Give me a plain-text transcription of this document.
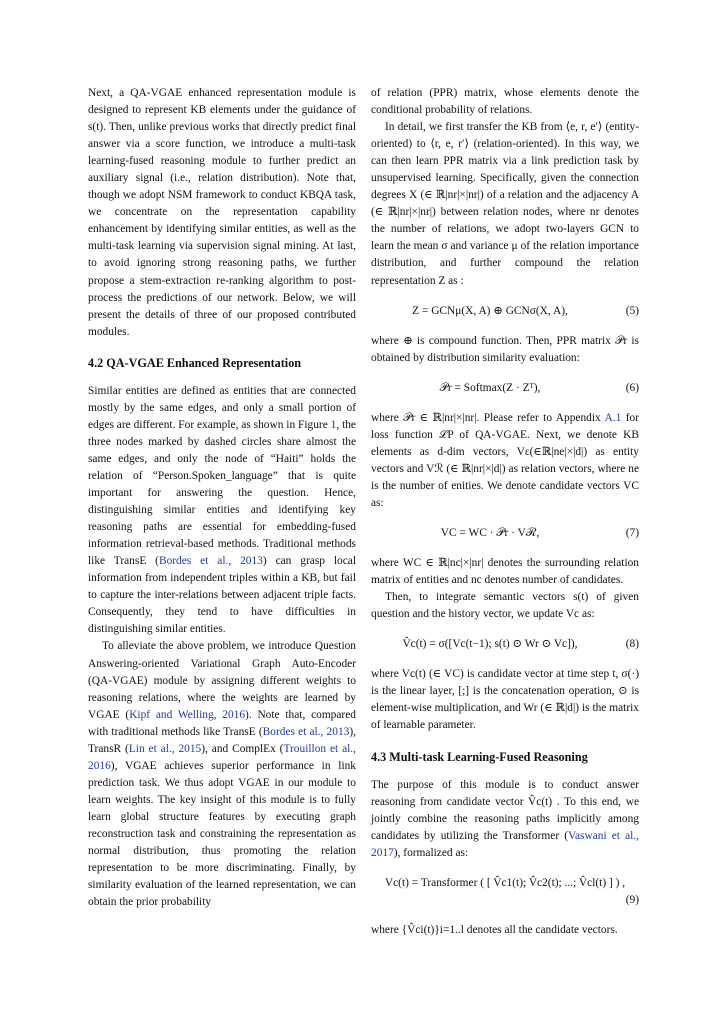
Next, a QA-VGAE enhanced representation module is designed to represent KB elements under the guidance of s(t). Then, unlike previous works that directly predict final answer via a score function, we introduce a multi-task learning-fused reasoning module to further predict an auxiliary signal (i.e., relation distribution). Note that, though we adopt NSM framework to conduct KBQA task, we concentrate on the representation capability enhancement by identifying similar entities, as well as the multi-task learning via supervision signal mining. At last, to avoid ignoring strong reasoning paths, we further propose a stem-extraction re-ranking algorithm to post-process the predictions of our network. Below, we will present the details of three of our proposed contributed modules.

4.2 QA-VGAE Enhanced Representation

Similar entities are defined as entities that are connected mostly by the same edges, and only a small portion of edges are different. For example, as shown in Figure 1, the three nodes marked by dashed circles share almost the same edges, and only the node of “Haiti” holds the relation of “Person.Spoken_language” that is quite important for answering the question. Hence, distinguishing similar entities and identifying key reasoning paths are essential for embedding-fused information retrieval-based methods. Traditional methods like TransE (Bordes et al., 2013) can grasp local information from independent triples within a KB, but fail to capture the inter-relations between adjacent triple facts. Consequently, they tend to have difficulties in distinguishing similar entities.

To alleviate the above problem, we introduce Question Answering-oriented Variational Graph Auto-Encoder (QA-VGAE) module by assigning different weights to reasoning relations, where the weights are learned by VGAE (Kipf and Welling, 2016). Note that, compared with traditional methods like TransE (Bordes et al., 2013), TransR (Lin et al., 2015), and ComplEx (Trouillon et al., 2016), VGAE achieves superior performance in link prediction task. We thus adopt VGAE in our module to learn weights. The key insight of this module is to fully learn global structure features by executing graph reconstruction task and constraining the representation as normal distribution, thus promoting the relation representation to be more discriminating. Finally, by similarity evaluation of the learned representation, we can obtain the prior probability

of relation (PPR) matrix, whose elements denote the conditional probability of relations.

In detail, we first transfer the KB from ⟨e, r, e′⟩ (entity-oriented) to ⟨r, e, r′⟩ (relation-oriented). In this way, we can then learn PPR matrix via a link prediction task by unsupervised learning. Specifically, given the connection degrees X (∈ ℝ|nr|×|nr|) of a relation and the adjacency A (∈ ℝ|nr|×|nr|) between relation nodes, where nr denotes the number of relations, we adopt two-layers GCN to learn the mean σ and variance μ of the relation importance distribution, and further compound the relation representation Z as :

Z = GCNμ(X, A) ⊕ GCNσ(X, A),	(5)

where ⊕ is compound function. Then, PPR matrix 𝒫r is obtained by distribution similarity evaluation:

𝒫r = Softmax(Z · Zᵀ),	(6)

where 𝒫r ∈ ℝ|nr|×|nr|. Please refer to Appendix A.1 for loss function ℒP of QA-VGAE. Next, we denote KB elements as d-dim vectors, Vε(∈ℝ|ne|×|d|) as entity vectors and Vℛ (∈ ℝ|nr|×|d|) as relation vectors, where ne is the number of enities. We denote candidate vectors VC as:

VC = WC · 𝒫r · Vℛ,	(7)

where WC ∈ ℝ|nc|×|nr| denotes the surrounding relation matrix of entities and nc denotes number of candidates.

Then, to integrate semantic vectors s(t) of given question and the history vector, we update Vc as:

V̂c(t) = σ([Vc(t−1); s(t) ⊙ Wr ⊙ Vc]),	(8)

where Vc(t) (∈ VC) is candidate vector at time step t, σ(·) is the linear layer, [;] is the concatenation operation, ⊙ is element-wise multiplication, and Wr (∈ ℝ|d|) is the matrix of learnable parameter.

4.3 Multi-task Learning-Fused Reasoning

The purpose of this module is to conduct answer reasoning from candidate vector V̂c(t) . To this end, we jointly combine the reasoning paths implicitly among candidates by utilizing the Transformer (Vaswani et al., 2017), formalized as:

Vc(t) = Transformer ( [ V̂c1(t); V̂c2(t); ...; V̂cl(t) ] ) ,
(9)

where {V̂ci(t)}i=1..l denotes all the candidate vectors.
